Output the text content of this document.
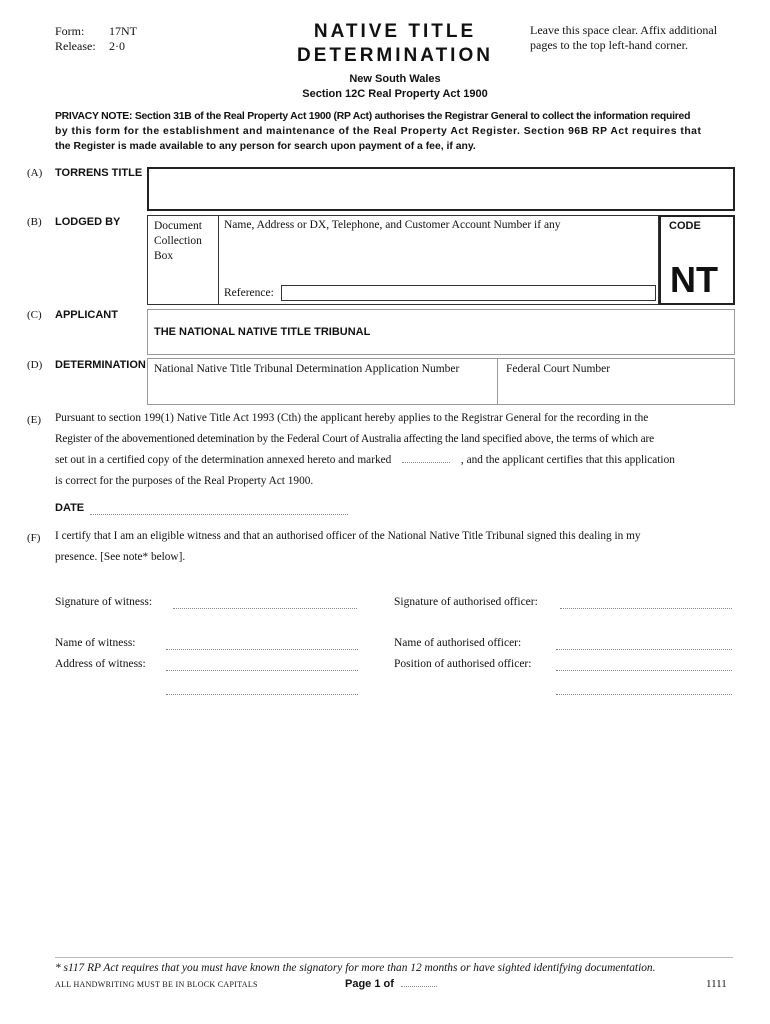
Form: 17NT
Release: 2·0
NATIVE TITLE
DETERMINATION
Leave this space clear. Affix additional
pages to the top left-hand corner.
New South Wales
Section 12C Real Property Act 1900
PRIVACY NOTE: Section 31B of the Real Property Act 1900 (RP Act) authorises the Registrar General to collect the information required
by this form for the establishment and maintenance of the Real Property Act Register. Section 96B RP Act requires that
the Register is made available to any person for search upon payment of a fee, if any.
(A) TORRENS TITLE
(B) LODGED BY	Document
Collection
Box
Name, Address or DX, Telephone, and Customer Account Number if any
Reference:
CODE
NT
(C) APPLICANT
THE NATIONAL NATIVE TITLE TRIBUNAL
(D) DETERMINATION National Native Title Tribunal Determination Application Number	Federal Court Number
(E) Pursuant to section 199(1) Native Title Act 1993 (Cth) the applicant hereby applies to the Registrar General for the recording in the
Register of the abovementioned detemination by the Federal Court of Australia affecting the land specified above, the terms of which are
set out in a certified copy of the determination annexed hereto and marked	, and the applicant certifies that this application
is correct for the purposes of the Real Property Act 1900.
DATE
(F) I certify that I am an eligible witness and that an authorised officer of the National Native Title Tribunal signed this dealing in my
presence. [See note* below].
Signature of witness:	Signature of authorised officer:
Name of witness:	Name of authorised officer:
Address of witness:	Position of authorised officer:
* s117 RP Act requires that you must have known the signatory for more than 12 months or have sighted identifying documentation.
ALL HANDWRITING MUST BE IN BLOCK CAPITALS	Page 1 of	1111
